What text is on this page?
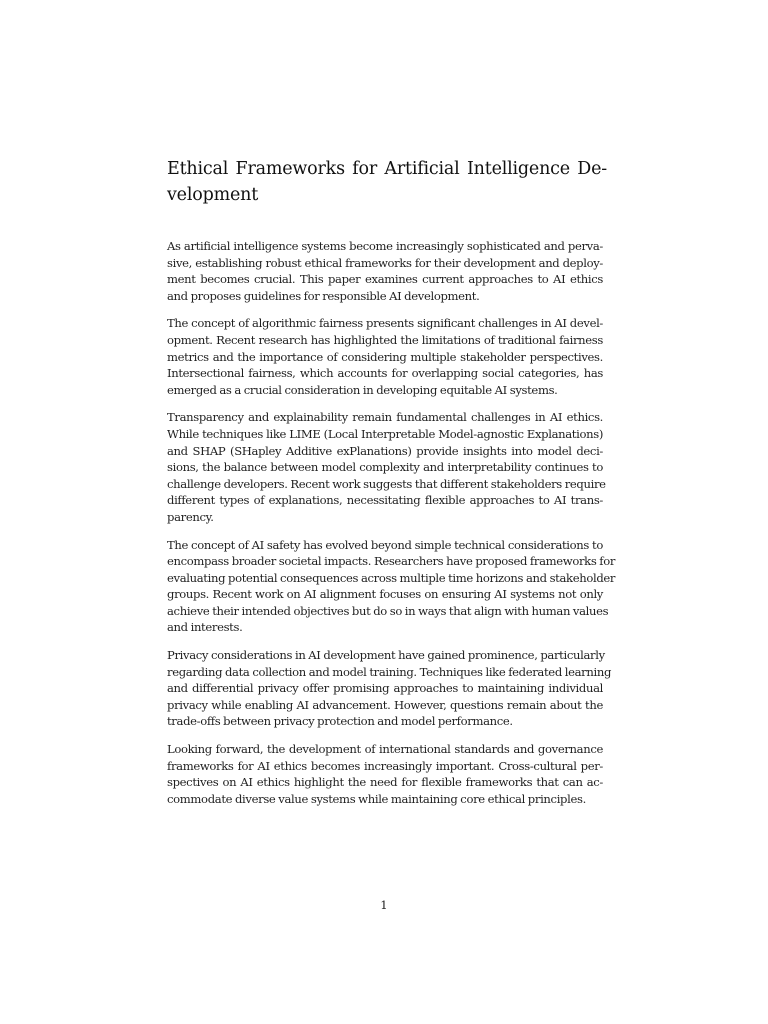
Ethical Frameworks for Artificial Intelligence De-
velopment

As artificial intelligence systems become increasingly sophisticated and perva-
sive, establishing robust ethical frameworks for their development and deploy-
ment becomes crucial. This paper examines current approaches to AI ethics
and proposes guidelines for responsible AI development.

The concept of algorithmic fairness presents significant challenges in AI devel-
opment. Recent research has highlighted the limitations of traditional fairness
metrics and the importance of considering multiple stakeholder perspectives.
Intersectional fairness, which accounts for overlapping social categories, has
emerged as a crucial consideration in developing equitable AI systems.

Transparency and explainability remain fundamental challenges in AI ethics.
While techniques like LIME (Local Interpretable Model-agnostic Explanations)
and SHAP (SHapley Additive exPlanations) provide insights into model deci-
sions, the balance between model complexity and interpretability continues to
challenge developers. Recent work suggests that different stakeholders require
different types of explanations, necessitating flexible approaches to AI trans-
parency.

The concept of AI safety has evolved beyond simple technical considerations to
encompass broader societal impacts. Researchers have proposed frameworks for
evaluating potential consequences across multiple time horizons and stakeholder
groups. Recent work on AI alignment focuses on ensuring AI systems not only
achieve their intended objectives but do so in ways that align with human values
and interests.

Privacy considerations in AI development have gained prominence, particularly
regarding data collection and model training. Techniques like federated learning
and differential privacy offer promising approaches to maintaining individual
privacy while enabling AI advancement. However, questions remain about the
trade-offs between privacy protection and model performance.

Looking forward, the development of international standards and governance
frameworks for AI ethics becomes increasingly important. Cross-cultural per-
spectives on AI ethics highlight the need for flexible frameworks that can ac-
commodate diverse value systems while maintaining core ethical principles.

1
